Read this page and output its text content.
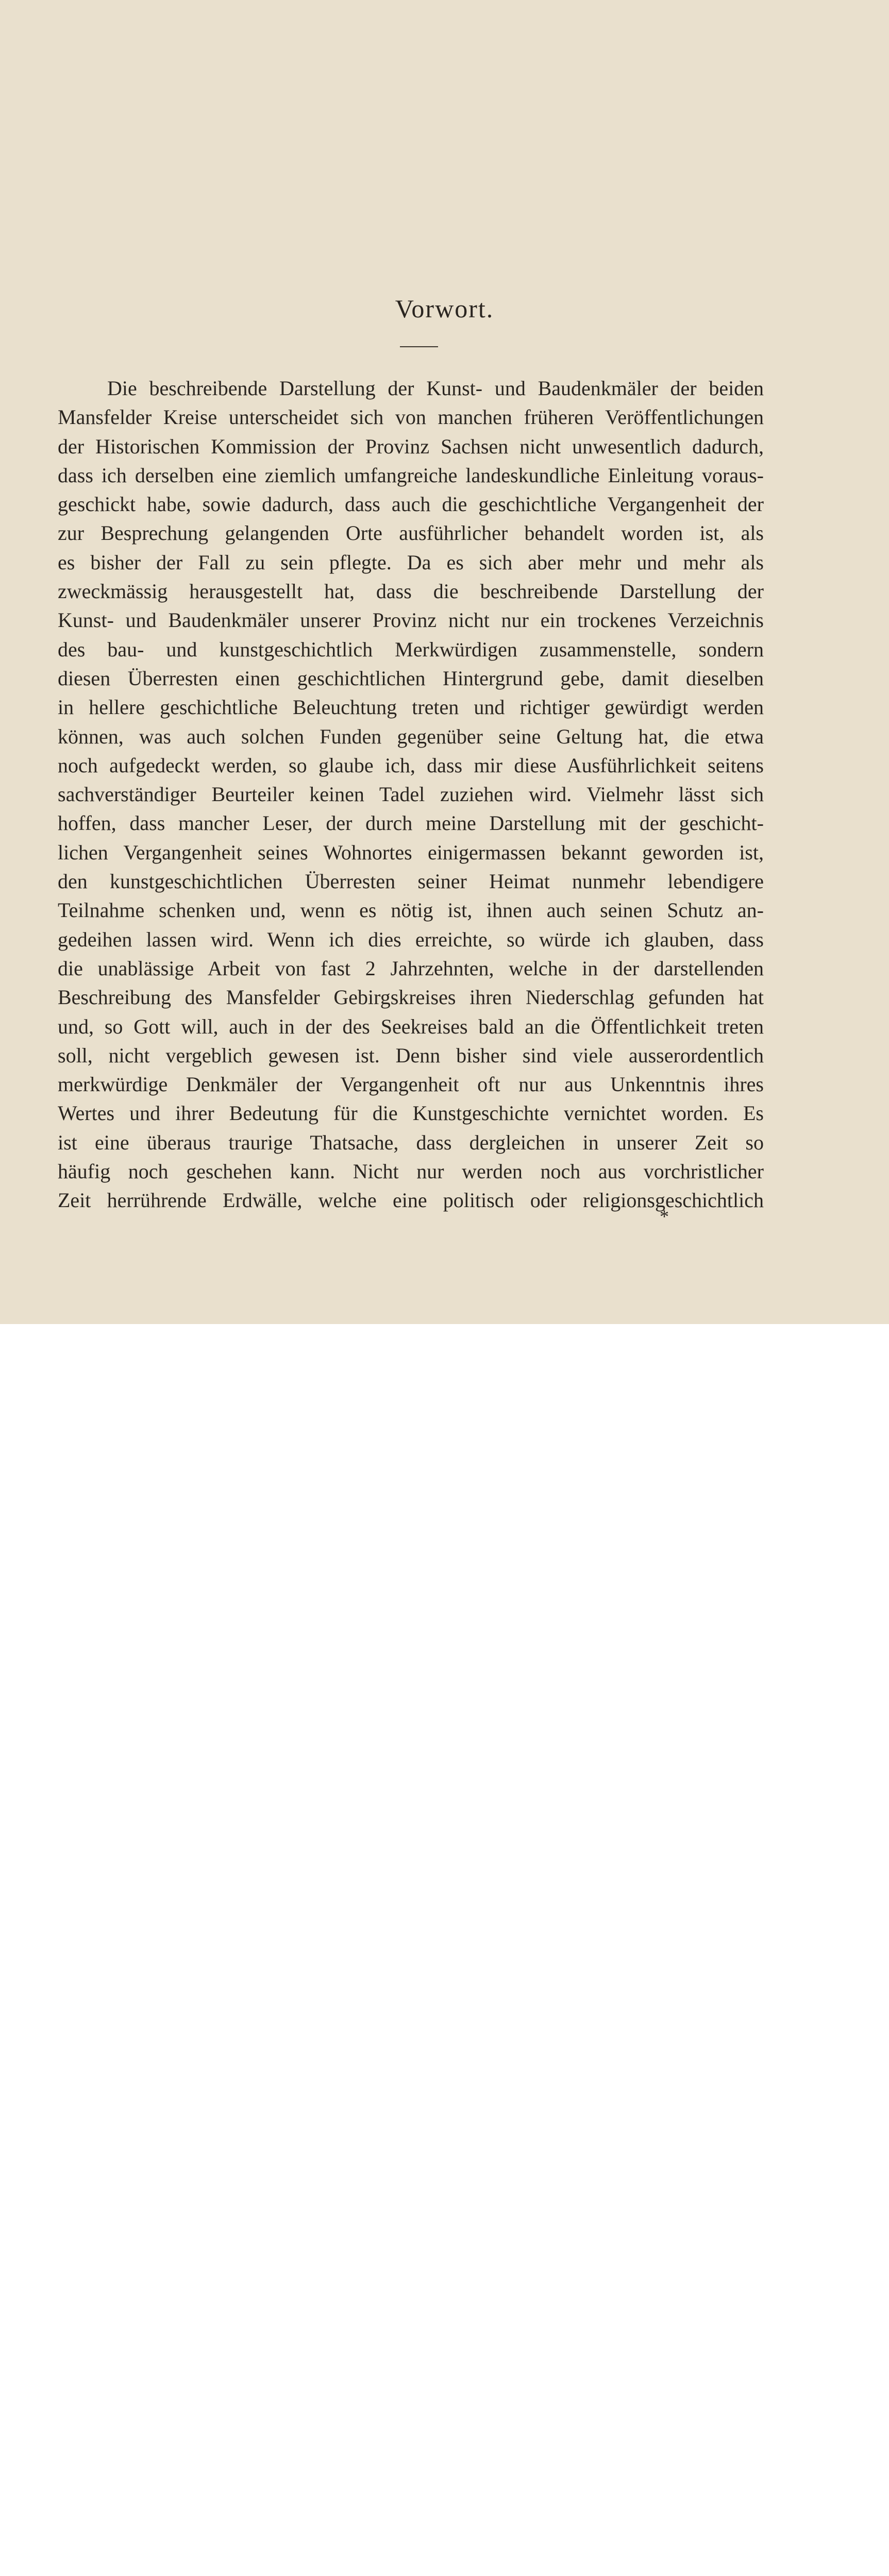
Vorwort.
Die beschreibende Darstellung der Kunst- und Baudenkmäler der beiden
Mansfelder Kreise unterscheidet sich von manchen früheren Veröffentlichungen
der Historischen Kommission der Provinz Sachsen nicht unwesentlich dadurch,
dass ich derselben eine ziemlich umfangreiche landeskundliche Einleitung voraus-
geschickt habe, sowie dadurch, dass auch die geschichtliche Vergangenheit der
zur Besprechung gelangenden Orte ausführlicher behandelt worden ist, als
es bisher der Fall zu sein pflegte. Da es sich aber mehr und mehr als
zweckmässig herausgestellt hat, dass die beschreibende Darstellung der
Kunst- und Baudenkmäler unserer Provinz nicht nur ein trockenes Verzeichnis
des bau- und kunstgeschichtlich Merkwürdigen zusammenstelle, sondern
diesen Überresten einen geschichtlichen Hintergrund gebe, damit dieselben
in hellere geschichtliche Beleuchtung treten und richtiger gewürdigt werden
können, was auch solchen Funden gegenüber seine Geltung hat, die etwa
noch aufgedeckt werden, so glaube ich, dass mir diese Ausführlichkeit seitens
sachverständiger Beurteiler keinen Tadel zuziehen wird. Vielmehr lässt sich
hoffen, dass mancher Leser, der durch meine Darstellung mit der geschicht-
lichen Vergangenheit seines Wohnortes einigermassen bekannt geworden ist,
den kunstgeschichtlichen Überresten seiner Heimat nunmehr lebendigere
Teilnahme schenken und, wenn es nötig ist, ihnen auch seinen Schutz an-
gedeihen lassen wird. Wenn ich dies erreichte, so würde ich glauben, dass
die unablässige Arbeit von fast 2 Jahrzehnten, welche in der darstellenden
Beschreibung des Mansfelder Gebirgskreises ihren Niederschlag gefunden hat
und, so Gott will, auch in der des Seekreises bald an die Öffentlichkeit treten
soll, nicht vergeblich gewesen ist. Denn bisher sind viele ausserordentlich
merkwürdige Denkmäler der Vergangenheit oft nur aus Unkenntnis ihres
Wertes und ihrer Bedeutung für die Kunstgeschichte vernichtet worden. Es
ist eine überaus traurige Thatsache, dass dergleichen in unserer Zeit so
häufig noch geschehen kann. Nicht nur werden noch aus vorchristlicher
Zeit herrührende Erdwälle, welche eine politisch oder religionsgeschichtlich
*
